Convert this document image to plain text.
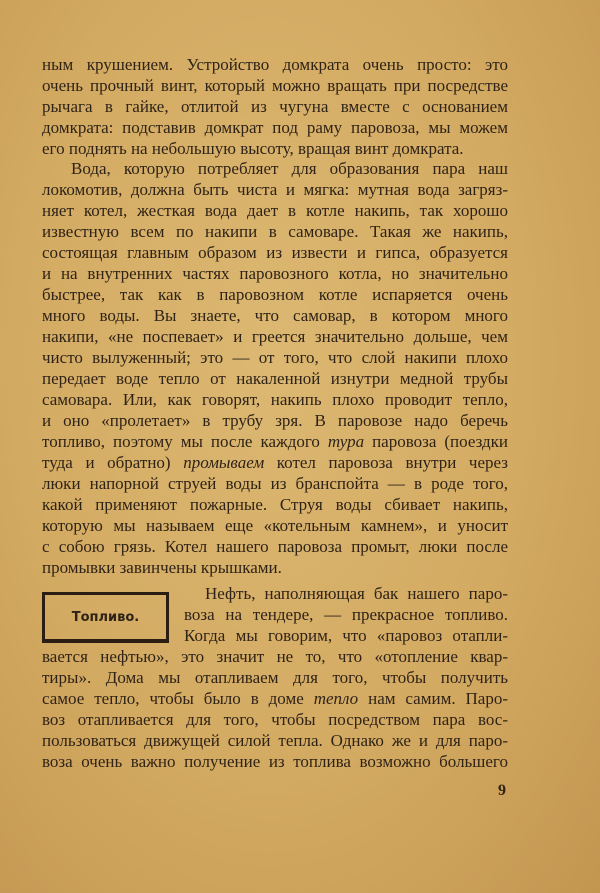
ным крушением. Устройство домкрата очень просто: это
очень прочный винт, который можно вращать при посредстве
рычага в гайке, отлитой из чугуна вместе с основанием
домкрата: подставив домкрат под раму паровоза, мы можем
его поднять на небольшую высоту, вращая винт домкрата.
Вода, которую потребляет для образования пара наш
локомотив, должна быть чиста и мягка: мутная вода загряз-
няет котел, жесткая вода дает в котле накипь, так хорошо
известную всем по накипи в самоваре. Такая же накипь,
состоящая главным образом из извести и гипса, образуется
и на внутренних частях паровозного котла, но значительно
быстрее, так как в паровозном котле испаряется очень
много воды. Вы знаете, что самовар, в котором много
накипи, «не поспевает» и греется значительно дольше, чем
чисто вылуженный; это — от того, что слой накипи плохо
передает воде тепло от накаленной изнутри медной трубы
самовара. Или, как говорят, накипь плохо проводит тепло,
и оно «пролетает» в трубу зря. В паровозе надо беречь
топливо, поэтому мы после каждого тура паровоза (поездки
туда и обратно) промываем котел паровоза внутри через
люки напорной струей воды из бранспойта — в роде того,
какой применяют пожарные. Струя воды сбивает накипь,
которую мы называем еще «котельным камнем», и уносит
с собою грязь. Котел нашего паровоза промыт, люки после
промывки завинчены крышками.
Топливо.
Нефть, наполняющая бак нашего паро-
воза на тендере, — прекрасное топливо.
Когда мы говорим, что «паровоз отапли-
вается нефтью», это значит не то, что «отопление квар-
тиры». Дома мы отапливаем для того, чтобы получить
самое тепло, чтобы было в доме тепло нам самим. Паро-
воз отапливается для того, чтобы посредством пара вос-
пользоваться движущей силой тепла. Однако же и для паро-
воза очень важно получение из топлива возможно большего
9
